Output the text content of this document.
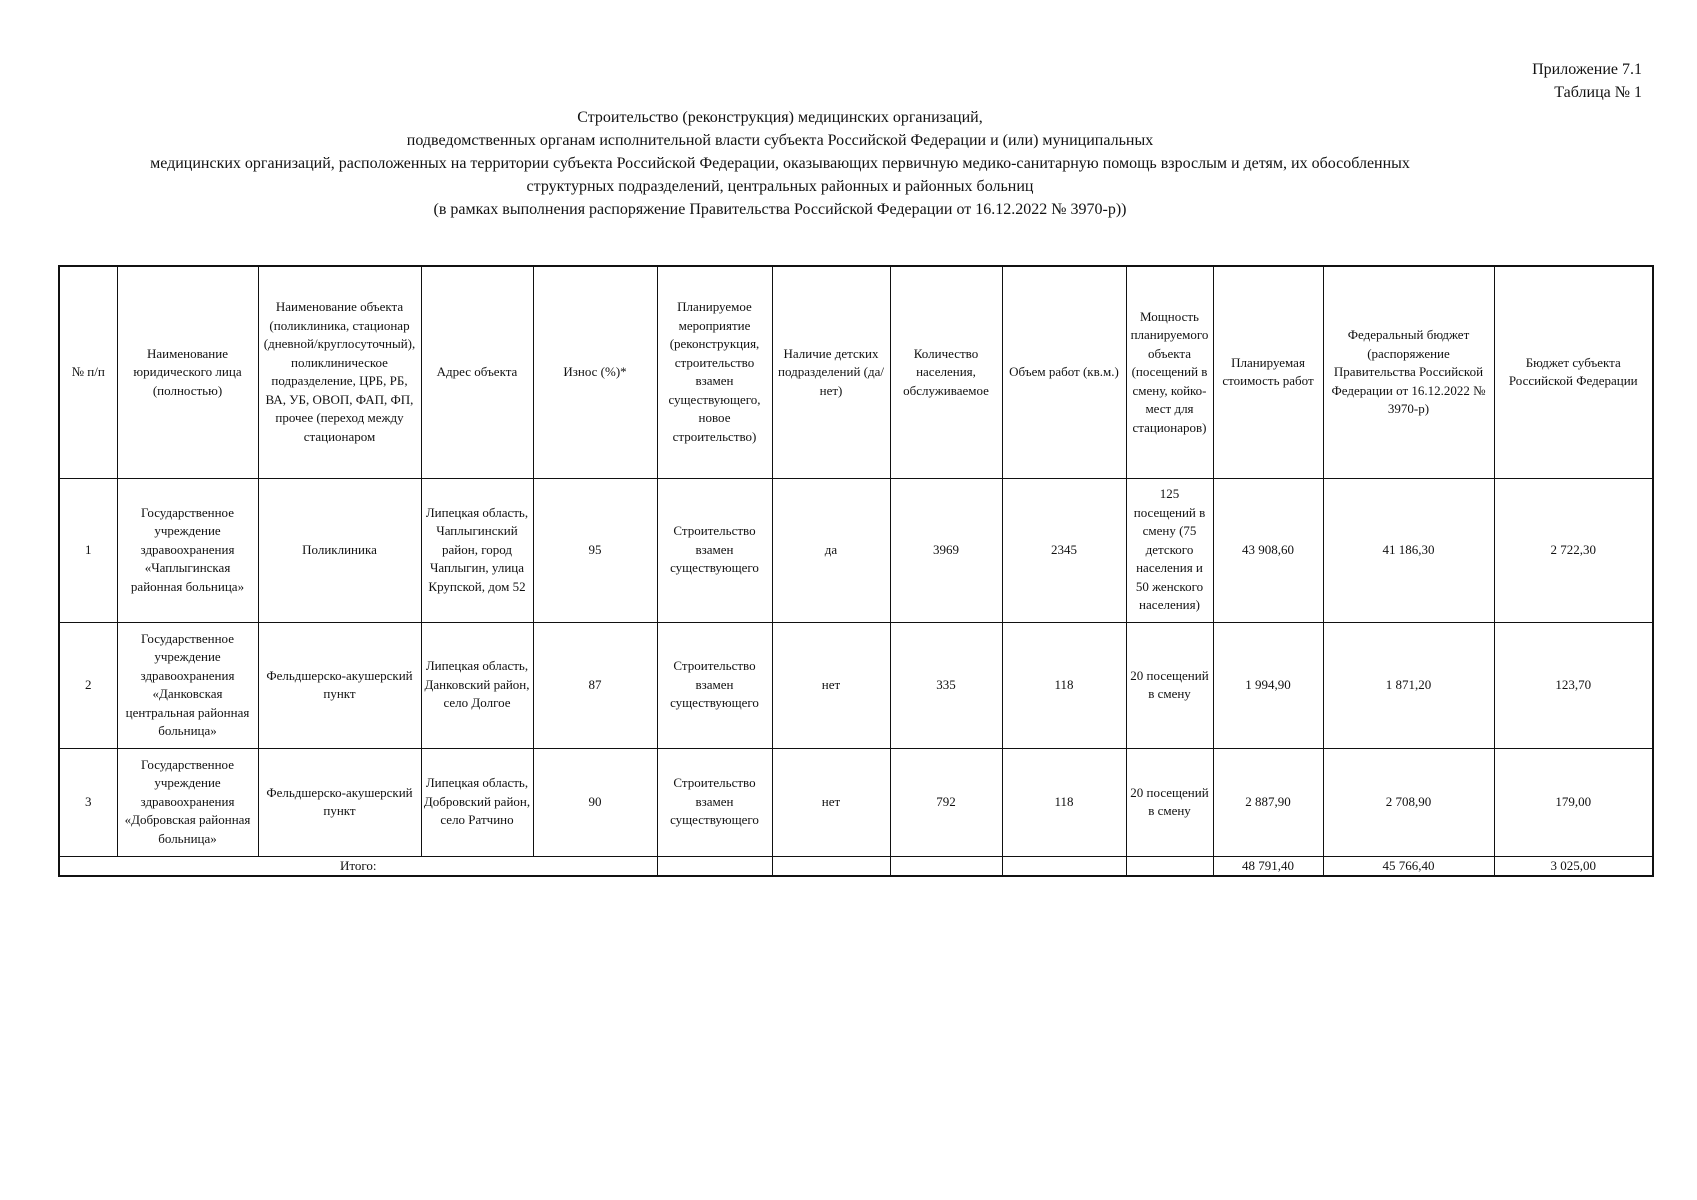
Приложение 7.1
Таблица № 1
Строительство (реконструкция) медицинских организаций,
подведомственных органам исполнительной власти субъекта Российской Федерации и (или) муниципальных
медицинских организаций, расположенных на территории субъекта Российской Федерации, оказывающих первичную медико-санитарную помощь взрослым и детям, их обособленных
структурных подразделений, центральных районных и районных больниц
(в рамках выполнения распоряжение Правительства Российской Федерации от 16.12.2022 № 3970-р))
№ п/п	Наименование юридического лица (полностью)	Наименование объекта (поликлиника, стационар (дневной/круглосуточный), поликлиническое подразделение, ЦРБ, РБ, ВА, УБ, ОВОП, ФАП, ФП, прочее (переход между стационаром	Адрес объекта	Износ (%)*	Планируемое мероприятие (реконструкция, строительство взамен существующего, новое строительство)	Наличие детских подразделений (да/нет)	Количество населения, обслуживаемое	Объем работ (кв.м.)	Мощность планируемого объекта (посещений в смену, койко-мест для стационаров)	Планируемая стоимость работ	Федеральный бюджет (распоряжение Правительства Российской Федерации от 16.12.2022 № 3970-р)	Бюджет субъекта Российской Федерации
1	Государственное учреждение здравоохранения «Чаплыгинская районная больница»	Поликлиника	Липецкая область, Чаплыгинский район, город Чаплыгин, улица Крупской, дом 52	95	Строительство взамен существующего	да	3969	2345	125 посещений в смену (75 детского населения и 50 женского населения)	43 908,60	41 186,30	2 722,30
2	Государственное учреждение здравоохранения «Данковская центральная районная больница»	Фельдшерско-акушерский пункт	Липецкая область, Данковский район, село Долгое	87	Строительство взамен существующего	нет	335	118	20 посещений в смену	1 994,90	1 871,20	123,70
3	Государственное учреждение здравоохранения «Добровская районная больница»	Фельдшерско-акушерский пункт	Липецкая область, Добровский район, село Ратчино	90	Строительство взамен существующего	нет	792	118	20 посещений в смену	2 887,90	2 708,90	179,00
Итого:										48 791,40	45 766,40	3 025,00
